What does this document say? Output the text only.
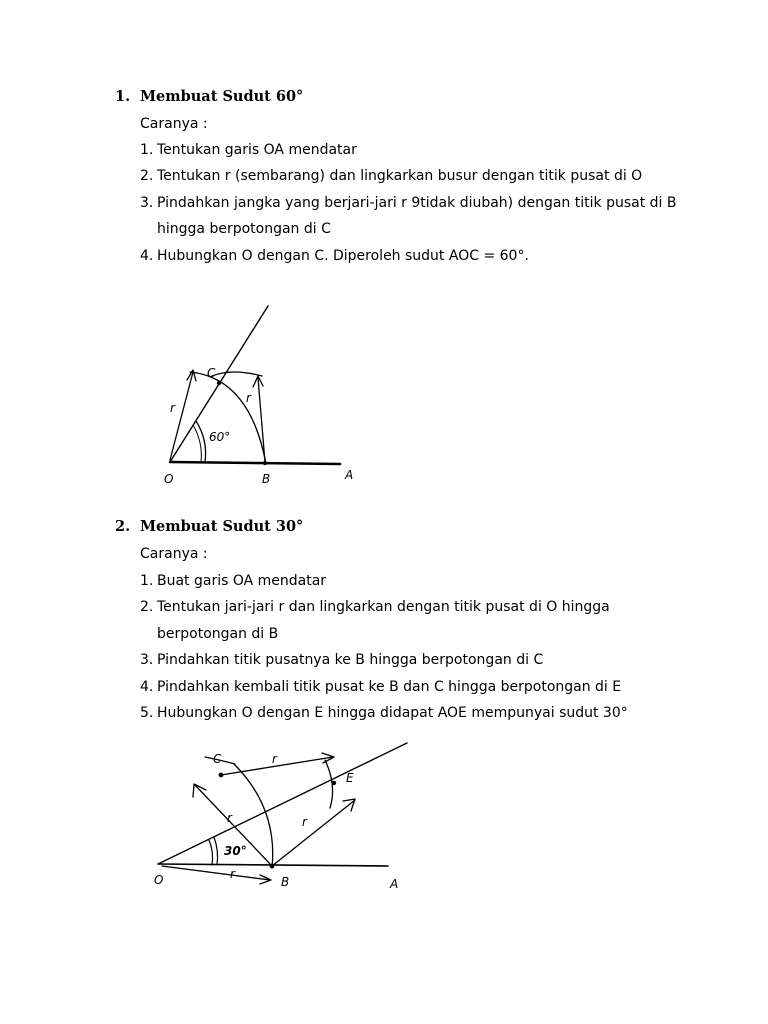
1. Membuat Sudut 60°
Caranya :
1. Tentukan garis OA mendatar
2. Tentukan r (sembarang) dan lingkarkan busur dengan titik pusat di O
3. Pindahkan jangka yang berjari-jari r 9tidak diubah) dengan titik pusat di B
hingga berpotongan di C
4. Hubungkan O dengan C. Diperoleh sudut AOC = 60°.
O	B	A
C
r
r
60°
2. Membuat Sudut 30°
Caranya :
1. Buat garis OA mendatar
2. Tentukan jari-jari r dan lingkarkan dengan titik pusat di O hingga
berpotongan di B
3. Pindahkan titik pusatnya ke B hingga berpotongan di C
4. Pindahkan kembali titik pusat ke B dan C hingga berpotongan di E
5. Hubungkan O dengan E hingga didapat AOE mempunyai sudut 30°
O	B	A
C
E
r
r	r
r
30°
